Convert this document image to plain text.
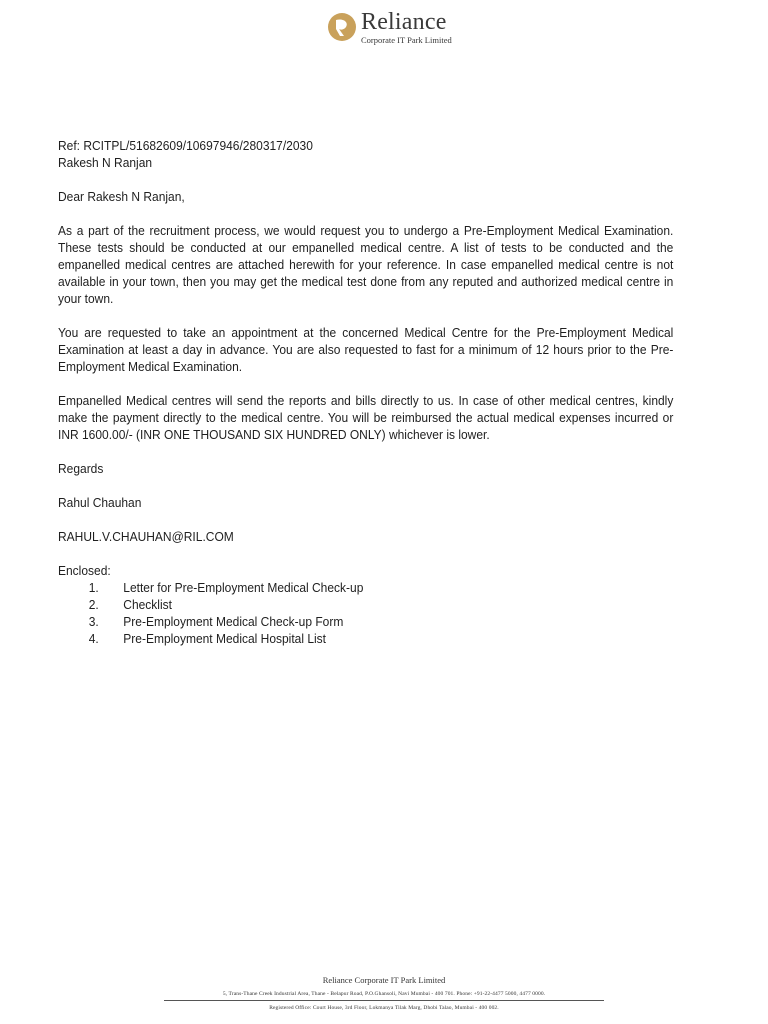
Reliance
Corporate IT Park Limited

Ref: RCITPL/51682609/10697946/280317/2030

Rakesh N Ranjan

Dear Rakesh N Ranjan,

As a part of the recruitment process, we would request you to undergo a Pre-Employment Medical Examination. These tests should be conducted at our empanelled medical centre. A list of tests to be conducted and the empanelled medical centres are attached herewith for your reference. In case empanelled medical centre is not available in your town, then you may get the medical test done from any reputed and authorized medical centre in your town.

You are requested to take an appointment at the concerned Medical Centre for the Pre-Employment Medical Examination at least a day in advance. You are also requested to fast for a minimum of 12 hours prior to the Pre-Employment Medical Examination.

Empanelled Medical centres will send the reports and bills directly to us. In case of other medical centres, kindly make the payment directly to the medical centre. You will be reimbursed the actual medical expenses incurred or INR 1600.00/- (INR ONE THOUSAND SIX HUNDRED ONLY) whichever is lower.

Regards

Rahul Chauhan

RAHUL.V.CHAUHAN@RIL.COM

Enclosed:

1.	Letter for Pre-Employment Medical Check-up
2.	Checklist
3.	Pre-Employment Medical Check-up Form
4.	Pre-Employment Medical Hospital List
Reliance Corporate IT Park Limited
5, Trans-Thane Creek Industrial Area, Thane - Belapur Road, P.O.Ghansoli, Navi Mumbai - 400 701. Phone: +91-22-4477 5000, 4477 0000.
Registered Office: Court House, 3rd Floor, Lokmanya Tilak Marg, Dhobi Talao, Mumbai - 400 002.
